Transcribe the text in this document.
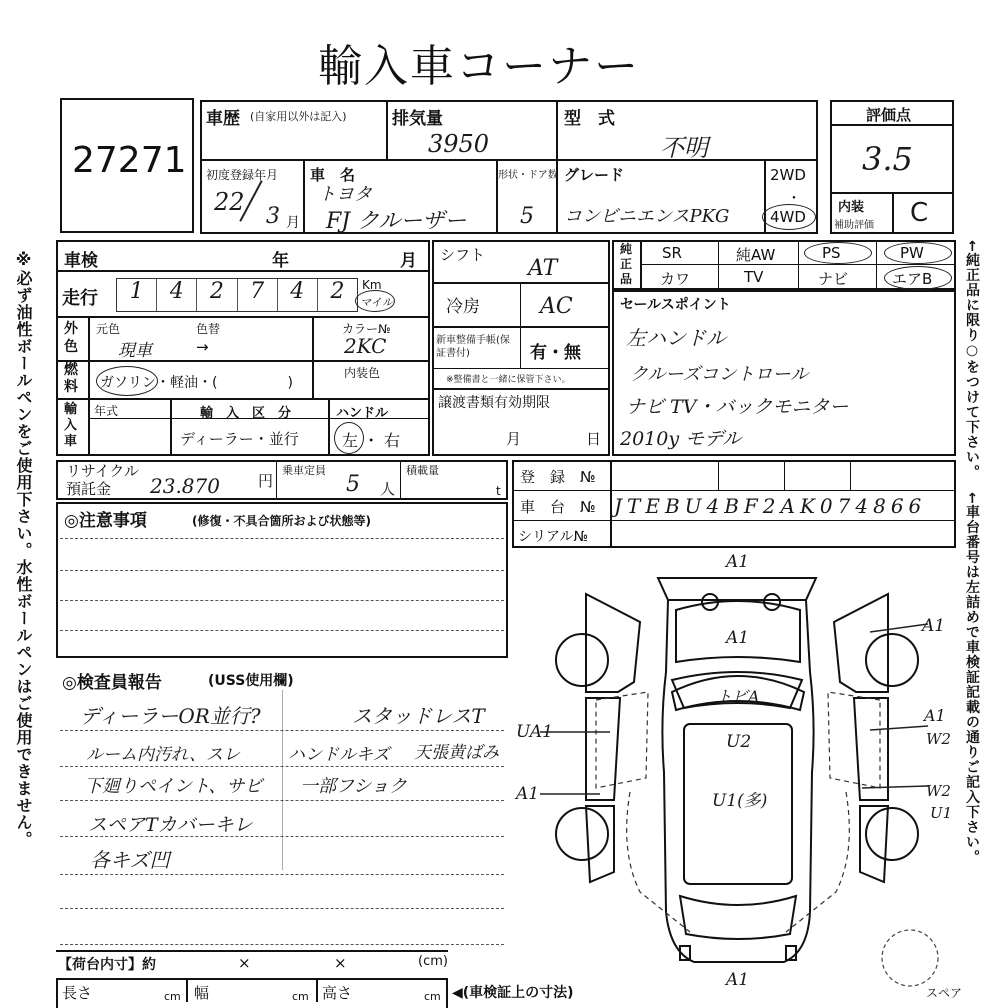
輸入車コーナー
※必ず油性ボールペンをご使用下さい。水性ボールペンはご使用できません。	←純正品に限り○をつけて下さい。
←車台番号は左詰めで車検証記載の通りご記入下さい。
27271
車歴 (自家用以外は記入)	排気量
3950
型　式
不明
初度登録年月
22
3 月
車　名
トヨタ
FJ クルーザー
形状・ドア数
5
グレード
コンビニエンスPKG
2WD
・
4WD
評価点
3.5
内装
補助評価 C
車検	年	月
走行	1	4	2	7	4	2	Km
マイル
外色
元色	色替
現車	→
カラー№
2KC
燃料 ガソリン・軽油・(　　　　　)
内装色
輸入車
年式	輸　入　区　分
ディーラー・並行
ハンドル
左 ・ 右
シフト
AT
冷房	AC
新車整備手帳(保証書付)	有・無
※整備書と一緒に保管下さい。
譲渡書類有効期限
月	日
純正品
SR	純AW	PS	PW
カワ	TV	ナビ	エアB
セールスポイント
左ハンドル
クルーズコントロール
ナビ TV・バックモニター
2010y モデル
リサイクル
預託金 23.870	円
乗車定員
5 人
積載量
t
登　録　№
車　台　№ JTEBU4BF2AK074866
シリアル№
◎注意事項	(修復・不具合箇所および状態等)
◎検査員報告	(USS使用欄)
ディーラーOR並行?	スタッドレスT
ルーム内汚れ、スレ	ハンドルキズ 天張黄ばみ
下廻りペイント、サビ 一部フショク
スペアTカバーキレ
各キズ凹
【荷台内寸】約	×	×	(cm)
長さ	cm 幅	cm 高さ	cm ◀(車検証上の寸法)
A1
A1
トビA
U2
U1(多)
A1
A1
W2
UA1
A1	W2
U1
A1
スペア
